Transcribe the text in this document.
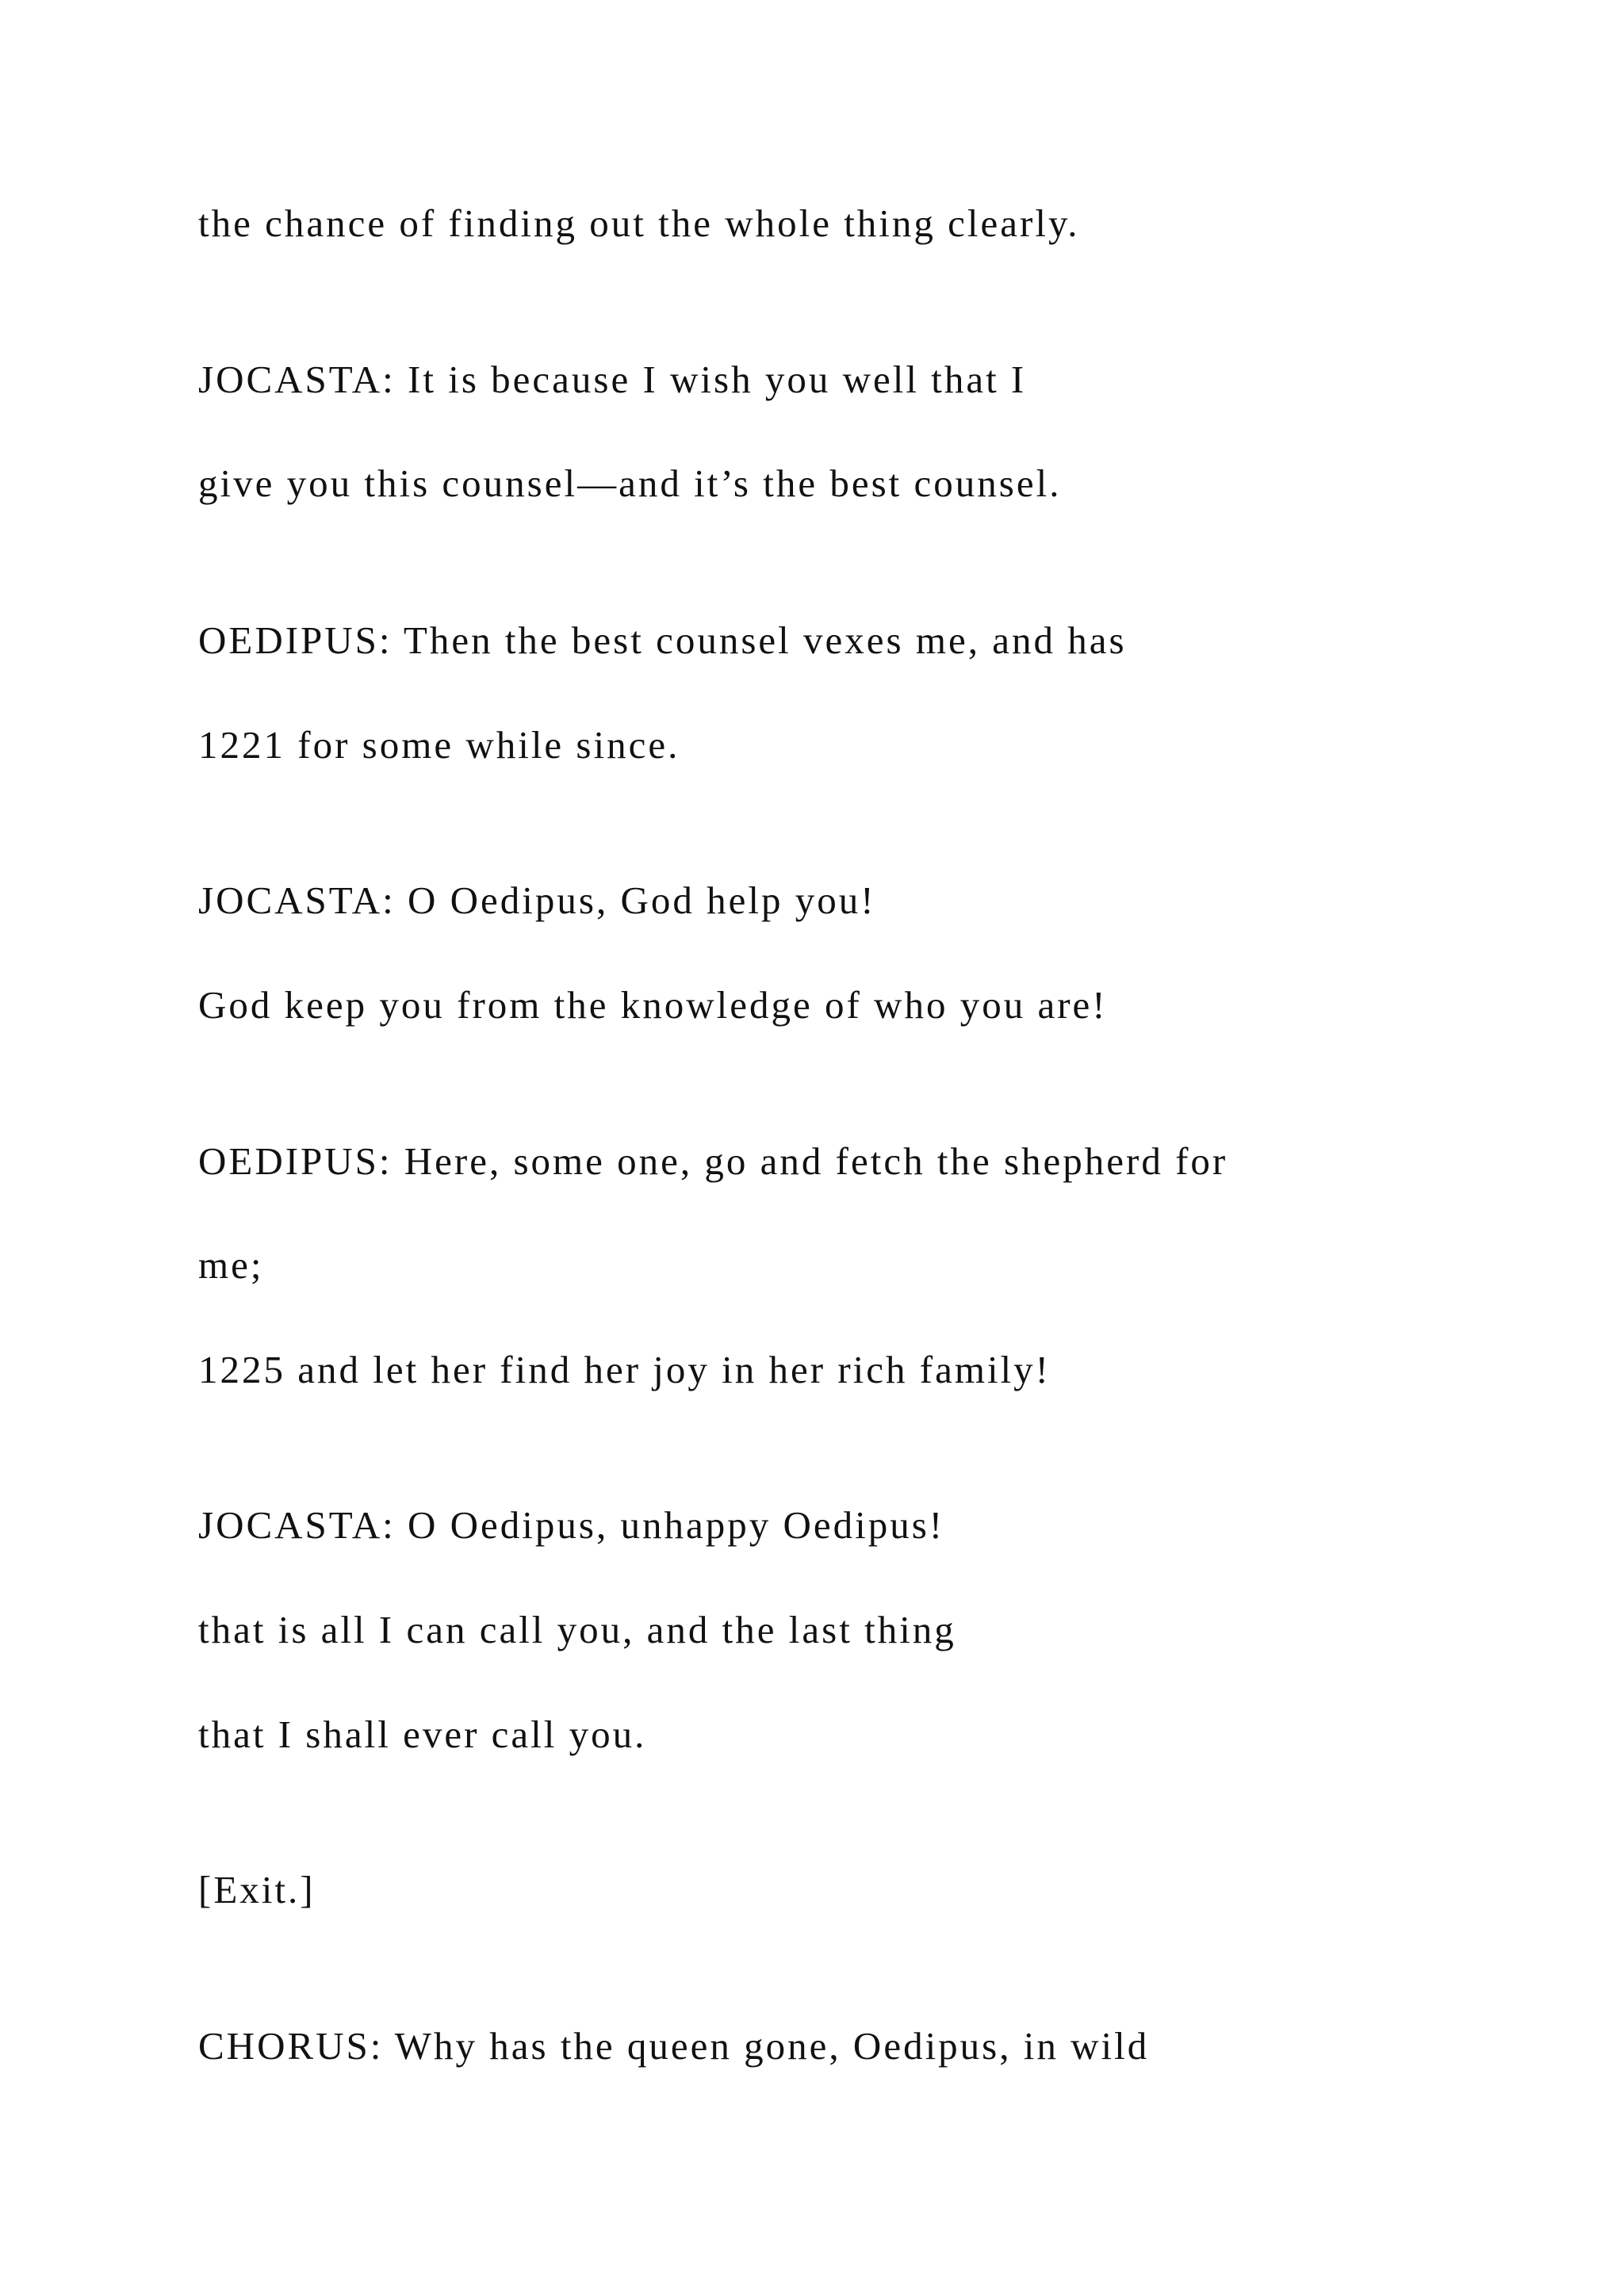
the chance of finding out the whole thing clearly.

JOCASTA: It is because I wish you well that I

give you this counsel—and it’s the best counsel.

OEDIPUS: Then the best counsel vexes me, and has

1221 for some while since.

JOCASTA: O Oedipus, God help you!

God keep you from the knowledge of who you are!

OEDIPUS: Here, some one, go and fetch the shepherd for

me;

1225 and let her find her joy in her rich family!

JOCASTA: O Oedipus, unhappy Oedipus!

that is all I can call you, and the last thing

that I shall ever call you.

[Exit.]

CHORUS: Why has the queen gone, Oedipus, in wild
